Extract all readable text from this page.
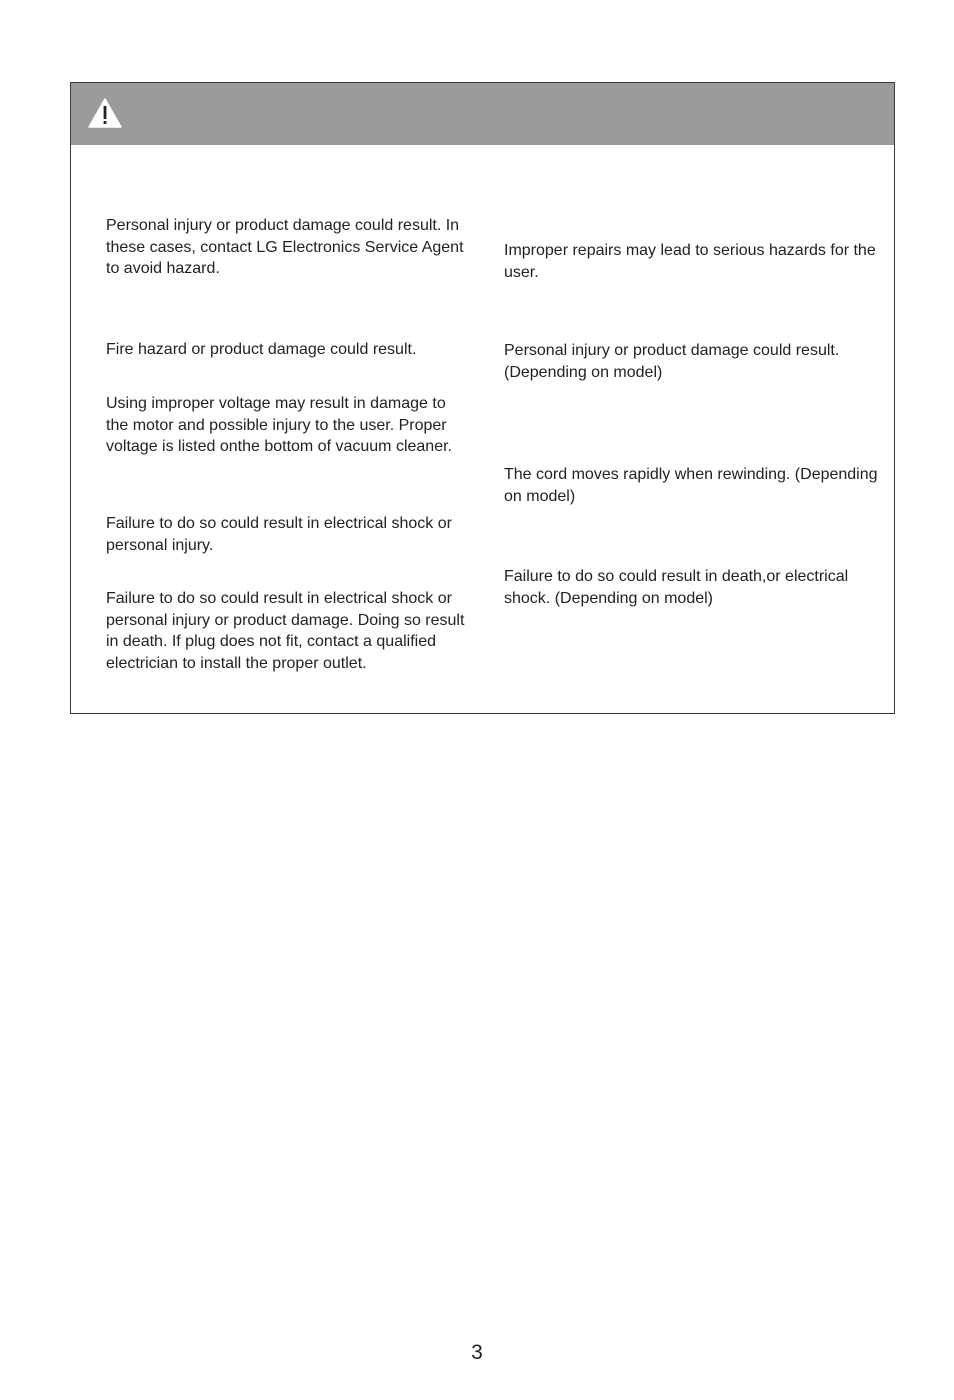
Personal injury or product damage could result. In these cases, contact LG Electronics Service Agent to avoid hazard.

Fire hazard or product damage could result.

Using improper voltage may result in damage to the motor and possible injury to the user. Proper voltage is listed onthe bottom of vacuum cleaner.

Failure to do so could result in electrical shock or personal injury.

Failure to do so could result in electrical shock or personal injury or product damage. Doing so result in death. If plug does not fit, contact a qualified electrician to install the proper outlet.

Improper repairs may lead to serious hazards for the user.

Personal injury or product damage could result. (Depending on model)

The cord moves rapidly when rewinding. (Depending on model)

Failure to do so could result in death,or electrical shock. (Depending on model)

3
